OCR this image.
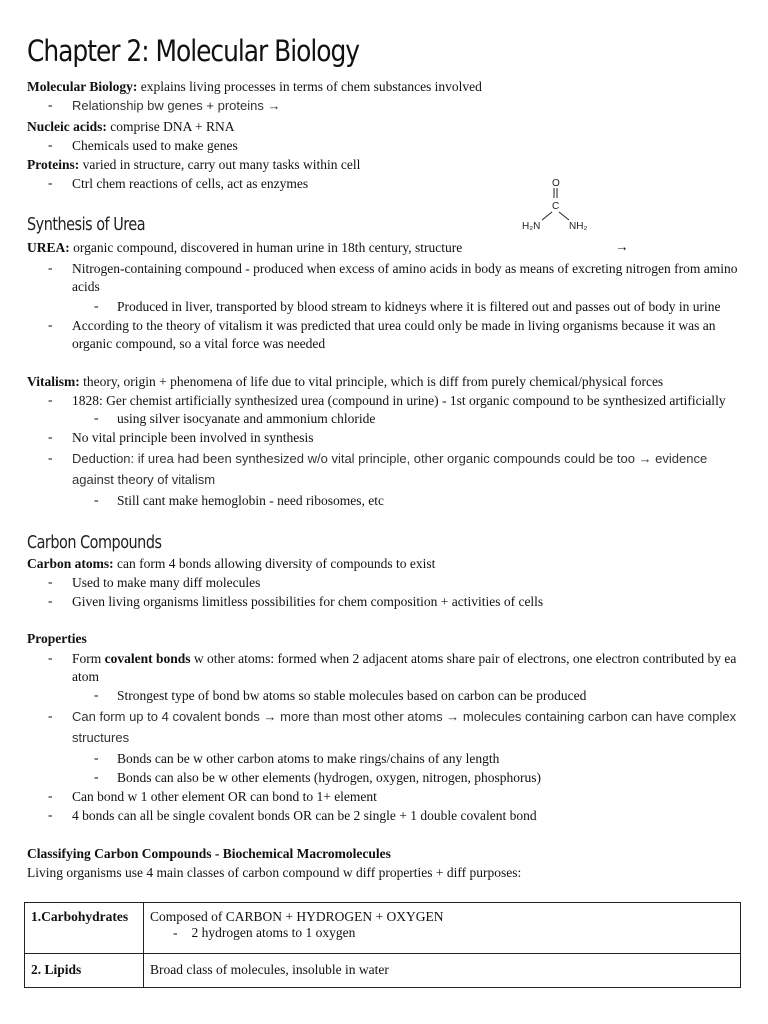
Chapter 2: Molecular Biology
Molecular Biology: explains living processes in terms of chem substances involved
- Relationship bw genes + proteins →
Nucleic acids: comprise DNA + RNA
- Chemicals used to make genes
Proteins: varied in structure, carry out many tasks within cell
- Ctrl chem reactions of cells, act as enzymes
Synthesis of Urea
O
C
H₂N	NH₂
UREA: organic compound, discovered in human urine in 18th century, structure	→
- Nitrogen-containing compound - produced when excess of amino acids in body as means of excreting nitrogen from amino acids
- Produced in liver, transported by blood stream to kidneys where it is filtered out and passes out of body in urine
- According to the theory of vitalism it was predicted that urea could only be made in living organisms because it was an organic compound, so a vital force was needed
Vitalism: theory, origin + phenomena of life due to vital principle, which is diff from purely chemical/physical forces
- 1828: Ger chemist artificially synthesized urea (compound in urine) - 1st organic compound to be synthesized artificially
- using silver isocyanate and ammonium chloride
- No vital principle been involved in synthesis
- Deduction: if urea had been synthesized w/o vital principle, other organic compounds could be too → evidence against theory of vitalism
- Still cant make hemoglobin - need ribosomes, etc
Carbon Compounds
Carbon atoms: can form 4 bonds allowing diversity of compounds to exist
- Used to make many diff molecules
- Given living organisms limitless possibilities for chem composition + activities of cells
Properties
- Form covalent bonds w other atoms: formed when 2 adjacent atoms share pair of electrons, one electron contributed by ea atom
- Strongest type of bond bw atoms so stable molecules based on carbon can be produced
- Can form up to 4 covalent bonds → more than most other atoms → molecules containing carbon can have complex structures
- Bonds can be w other carbon atoms to make rings/chains of any length
- Bonds can also be w other elements (hydrogen, oxygen, nitrogen, phosphorus)
- Can bond w 1 other element OR can bond to 1+ element
- 4 bonds can all be single covalent bonds OR can be 2 single + 1 double covalent bond
Classifying Carbon Compounds - Biochemical Macromolecules
Living organisms use 4 main classes of carbon compound w diff properties + diff purposes:
1.Carbohydrates	Composed of CARBON + HYDROGEN + OXYGEN
- 2 hydrogen atoms to 1 oxygen

2. Lipids	Broad class of molecules, insoluble in water
